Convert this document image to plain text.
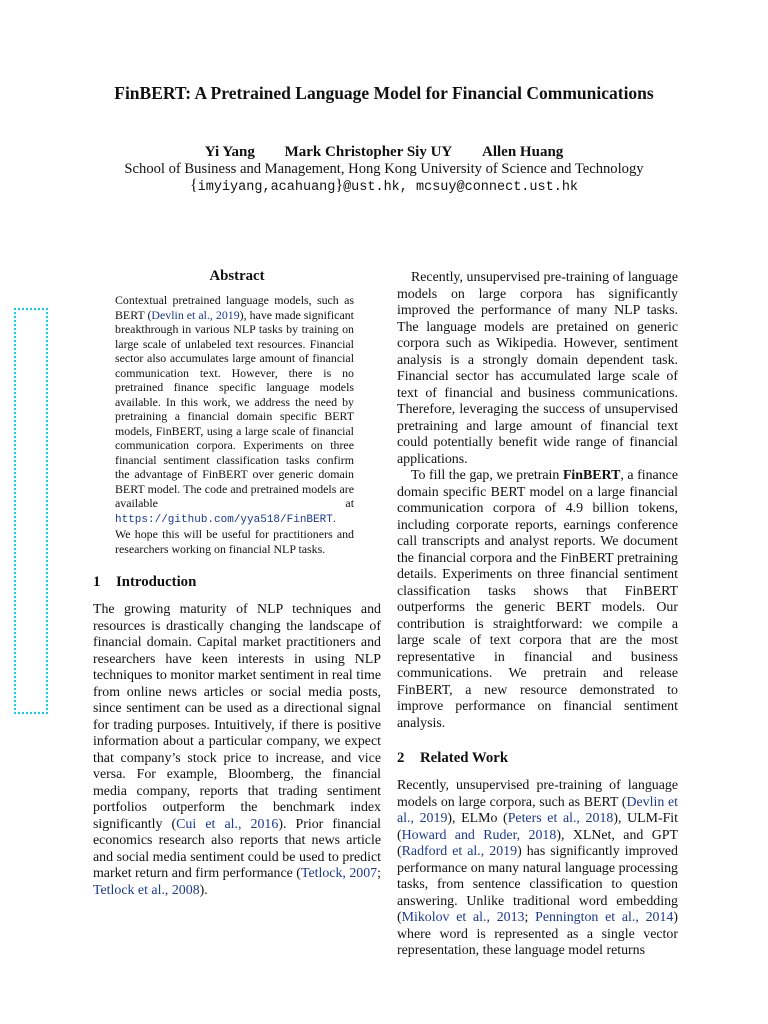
FinBERT: A Pretrained Language Model for Financial Communications
Yi Yang Mark Christopher Siy UY Allen Huang
School of Business and Management, Hong Kong University of Science and Technology
{imyiyang,acahuang}@ust.hk, mcsuy@connect.ust.hk
Abstract

Contextual pretrained language models, such as BERT (Devlin et al., 2019), have made significant breakthrough in various NLP tasks by training on large scale of unlabeled text resources. Financial sector also accumulates large amount of financial communication text. However, there is no pretrained finance specific language models available. In this work, we address the need by pretraining a financial domain specific BERT models, FinBERT, using a large scale of financial communication corpora. Experiments on three financial sentiment classification tasks confirm the advantage of FinBERT over generic domain BERT model. The code and pretrained models are available at https://github.com/yya518/FinBERT. We hope this will be useful for practitioners and researchers working on financial NLP tasks.

1 Introduction

The growing maturity of NLP techniques and resources is drastically changing the landscape of financial domain. Capital market practitioners and researchers have keen interests in using NLP techniques to monitor market sentiment in real time from online news articles or social media posts, since sentiment can be used as a directional signal for trading purposes. Intuitively, if there is positive information about a particular company, we expect that company’s stock price to increase, and vice versa. For example, Bloomberg, the financial media company, reports that trading sentiment portfolios outperform the benchmark index significantly (Cui et al., 2016). Prior financial economics research also reports that news article and social media sentiment could be used to predict market return and firm performance (Tetlock, 2007; Tetlock et al., 2008).

Recently, unsupervised pre-training of language models on large corpora has significantly improved the performance of many NLP tasks. The language models are pretained on generic corpora such as Wikipedia. However, sentiment analysis is a strongly domain dependent task. Financial sector has accumulated large scale of text of financial and business communications. Therefore, leveraging the success of unsupervised pretraining and large amount of financial text could potentially benefit wide range of financial applications.

To fill the gap, we pretrain FinBERT, a finance domain specific BERT model on a large financial communication corpora of 4.9 billion tokens, including corporate reports, earnings conference call transcripts and analyst reports. We document the financial corpora and the FinBERT pretraining details. Experiments on three financial sentiment classification tasks shows that FinBERT outperforms the generic BERT models. Our contribution is straightforward: we compile a large scale of text corpora that are the most representative in financial and business communications. We pretrain and release FinBERT, a new resource demonstrated to improve performance on financial sentiment analysis.

2 Related Work

Recently, unsupervised pre-training of language models on large corpora, such as BERT (Devlin et al., 2019), ELMo (Peters et al., 2018), ULM-Fit (Howard and Ruder, 2018), XLNet, and GPT (Radford et al., 2019) has significantly improved performance on many natural language processing tasks, from sentence classification to question answering. Unlike traditional word embedding (Mikolov et al., 2013; Pennington et al., 2014) where word is represented as a single vector representation, these language model returns
